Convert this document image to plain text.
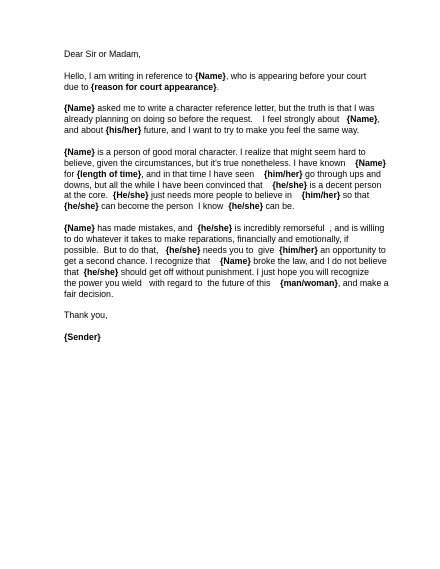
Dear Sir or Madam,
Hello, I am writing in reference to {Name}, who is appearing before your court
due to {reason for court appearance}.
{Name} asked me to write a character reference letter, but the truth is that I was
already planning on doing so before the request.    I feel strongly about   {Name},
and about {his/her} future, and I want to try to make you feel the same way.
{Name} is a person of good moral character. I realize that might seem hard to
believe, given the circumstances, but it's true nonetheless. I have known    {Name}
for {length of time}, and in that time I have seen    {him/her} go through ups and
downs, but all the while I have been convinced that    {he/she} is a decent person
at the core.  {He/she} just needs more people to believe in    {him/her} so that
{he/she} can become the person  I know  {he/she} can be.
{Name} has made mistakes, and  {he/she} is incredibly remorseful  , and is willing
to do whatever it takes to make reparations, financially and emotionally, if
possible.  But to do that,   {he/she} needs you to  give  {him/her} an opportunity to
get a second chance. I recognize that    {Name} broke the law, and I do not believe
that  {he/she} should get off without punishment. I just hope you will recognize
the power you wield   with regard to  the future of this    {man/woman}, and make a
fair decision.
Thank you,
{Sender}
